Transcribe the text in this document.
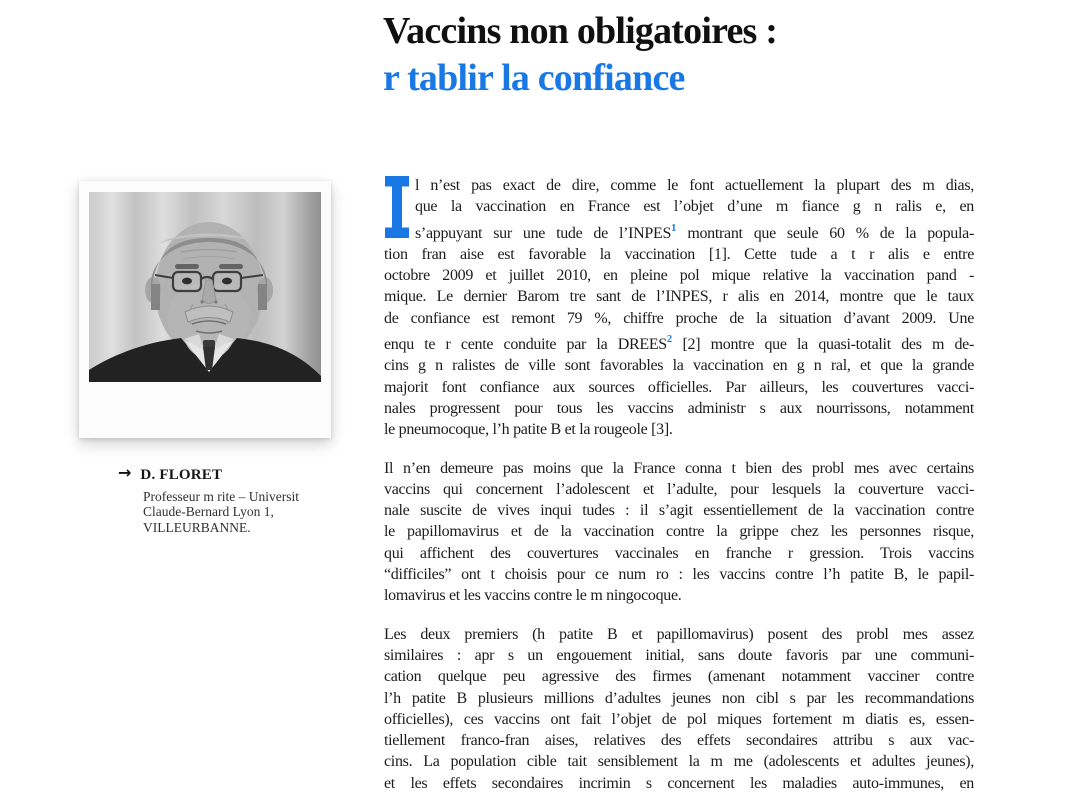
Vaccins non obligatoires :
r tablir la confiance
→ D. FLORET
Professeur m rite – Universit
Claude-Bernard Lyon 1,
VILLEURBANNE.
l n’est pas exact de dire, comme le font actuellement la plupart des m dias,
que la vaccination en France est l’objet d’une m fiance g n ralis e, en
s’appuyant sur une tude de l’INPES$^1$ montrant que seule 60 % de la popula-
tion fran aise est favorable la vaccination [1]. Cette tude a t r alis e entre
octobre 2009 et juillet 2010, en pleine pol mique relative la vaccination pand -
mique. Le dernier Barom tre sant de l’INPES, r alis en 2014, montre que le taux
de confiance est remont 79 %, chiffre proche de la situation d’avant 2009. Une
enqu te r cente conduite par la DREES$^2$ [2] montre que la quasi-totalit des m de-
cins g n ralistes de ville sont favorables la vaccination en g n ral, et que la grande
majorit font confiance aux sources officielles. Par ailleurs, les couvertures vacci-
nales progressent pour tous les vaccins administr s aux nourrissons, notamment
le pneumocoque, l’h patite B et la rougeole [3].
Il n’en demeure pas moins que la France conna t bien des probl mes avec certains
vaccins qui concernent l’adolescent et l’adulte, pour lesquels la couverture vacci-
nale suscite de vives inqui tudes : il s’agit essentiellement de la vaccination contre
le papillomavirus et de la vaccination contre la grippe chez les personnes risque,
qui affichent des couvertures vaccinales en franche r gression. Trois vaccins
“difficiles” ont t choisis pour ce num ro : les vaccins contre l’h patite B, le papil-
lomavirus et les vaccins contre le m ningocoque.
Les deux premiers (h patite B et papillomavirus) posent des probl mes assez
similaires : apr s un engouement initial, sans doute favoris par une communi-
cation quelque peu agressive des firmes (amenant notamment vacciner contre
l’h patite B plusieurs millions d’adultes jeunes non cibl s par les recommandations
officielles), ces vaccins ont fait l’objet de pol miques fortement m diatis es, essen-
tiellement franco-fran aises, relatives des effets secondaires attribu s aux vac-
cins. La population cible tait sensiblement la m me (adolescents et adultes jeunes),
et les effets secondaires incrimin s concernent les maladies auto-immunes, en
